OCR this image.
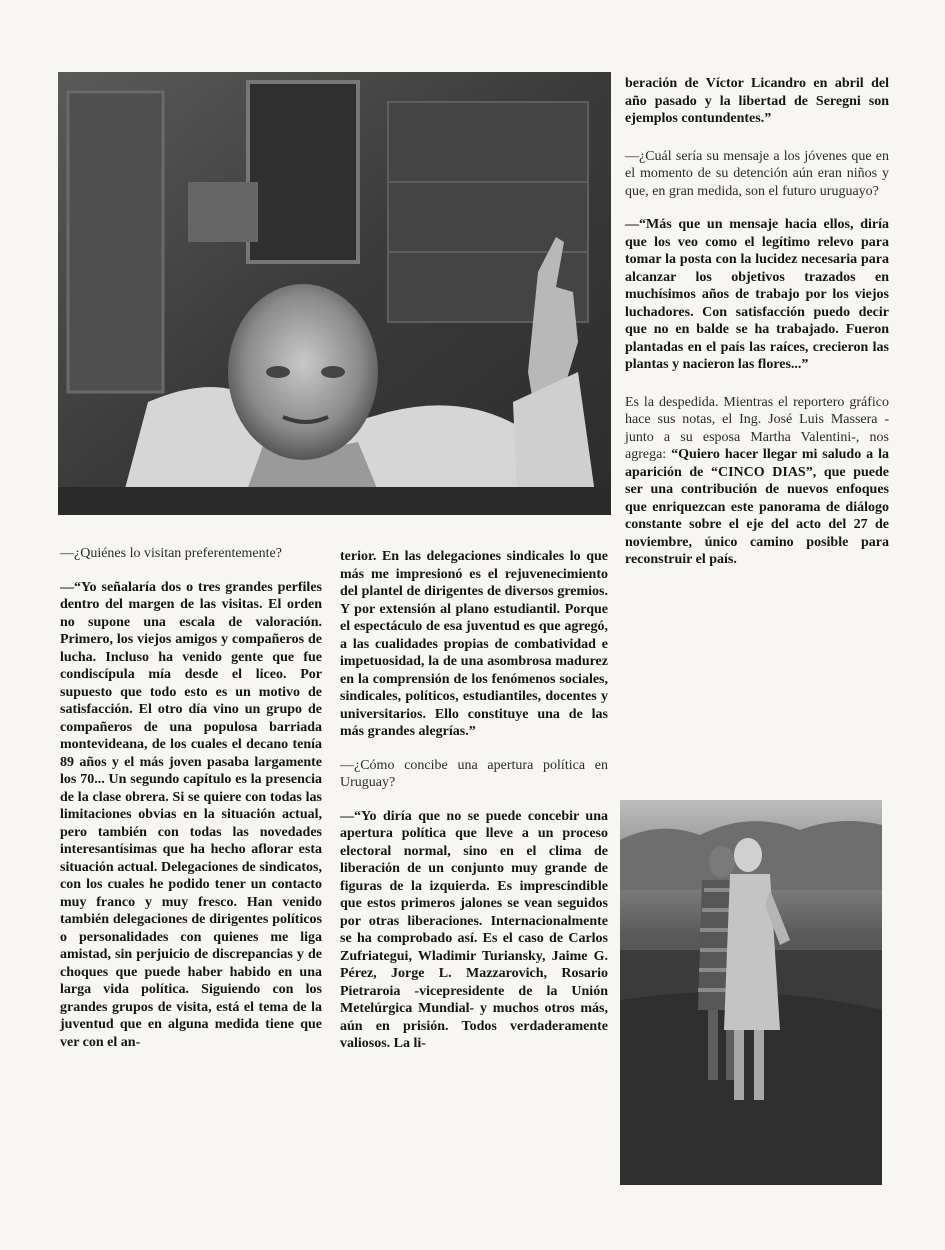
—¿Quiénes lo visitan preferentemente?

—“Yo señalaría dos o tres grandes perfiles dentro del margen de las visitas. El orden no supone una escala de valoración. Primero, los viejos amigos y compañeros de lucha. Incluso ha venido gente que fue condiscípula mía desde el liceo. Por supuesto que todo esto es un motivo de satisfacción. El otro día vino un grupo de compañeros de una populosa barriada montevideana, de los cuales el decano tenía 89 años y el más joven pasaba largamente los 70... Un segundo capítulo es la presencia de la clase obrera. Si se quiere con todas las limitaciones obvias en la situación actual, pero también con todas las novedades interesantísimas que ha hecho aflorar esta situación actual. Delegaciones de sindicatos, con los cuales he podido tener un contacto muy franco y muy fresco. Han venido también delegaciones de dirigentes políticos o personalidades con quienes me liga amistad, sin perjuicio de discrepancias y de choques que puede haber habido en una larga vida política. Siguiendo con los grandes grupos de visita, está el tema de la juventud que en alguna medida tiene que ver con el an-

terior. En las delegaciones sindicales lo que más me impresionó es el rejuvenecimiento del plantel de dirigentes de diversos gremios. Y por extensión al plano estudiantil. Porque el espectáculo de esa juventud es que agregó, a las cualidades propias de combatividad e impetuosidad, la de una asombrosa madurez en la comprensión de los fenómenos sociales, sindicales, políticos, estudiantiles, docentes y universitarios. Ello constituye una de las más grandes alegrías.”

—¿Cómo concibe una apertura política en Uruguay?

—“Yo diría que no se puede concebir una apertura política que lleve a un proceso electoral normal, sino en el clima de liberación de un conjunto muy grande de figuras de la izquierda. Es imprescindible que estos primeros jalones se vean seguidos por otras liberaciones. Internacionalmente se ha comprobado así. Es el caso de Carlos Zufriategui, Wladimir Turiansky, Jaime G. Pérez, Jorge L. Mazzarovich, Rosario Pietraroia -vicepresidente de la Unión Metelúrgica Mundial- y muchos otros más, aún en prisión. Todos verdaderamente valiosos. La li-

beración de Víctor Licandro en abril del año pasado y la libertad de Seregni son ejemplos contundentes.”

—¿Cuál sería su mensaje a los jóvenes que en el momento de su detención aún eran niños y que, en gran medida, son el futuro uruguayo?

—“Más que un mensaje hacia ellos, diría que los veo como el legítimo relevo para tomar la posta con la lucidez necesaria para alcanzar los objetivos trazados en muchísimos años de trabajo por los viejos luchadores. Con satisfacción puedo decir que no en balde se ha trabajado. Fueron plantadas en el país las raíces, crecieron las plantas y nacieron las flores...”

Es la despedida. Mientras el reportero gráfico hace sus notas, el Ing. José Luis Massera -junto a su esposa Martha Valentini-, nos agrega: “Quiero hacer llegar mi saludo a la aparición de “CINCO DIAS”, que puede ser una contribución de nuevos enfoques que enriquezcan este panorama de diálogo constante sobre el eje del acto del 27 de noviembre, único camino posible para reconstruir el país.
